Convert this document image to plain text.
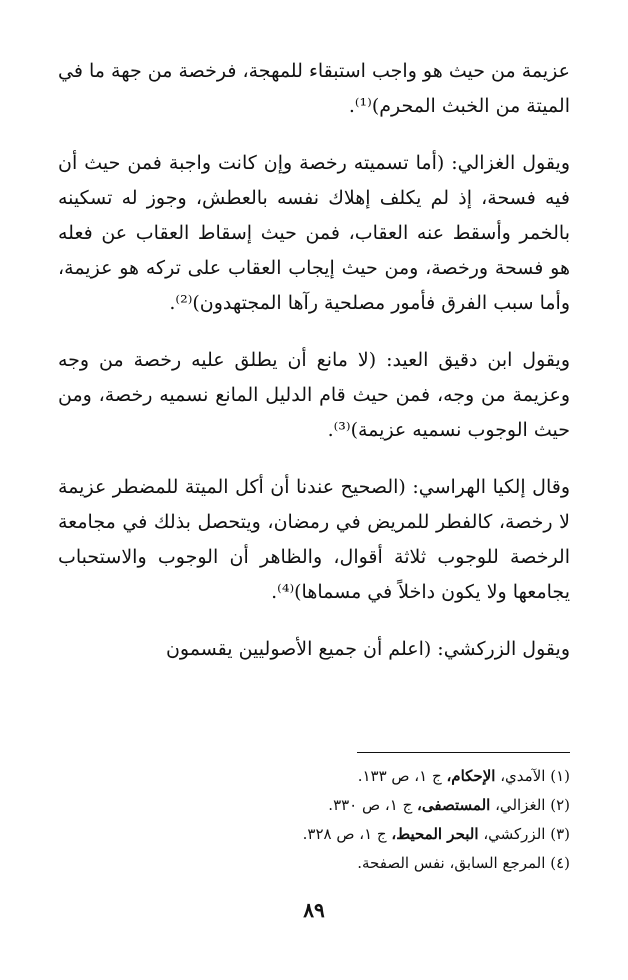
عزيمة من حيث هو واجب استبقاء للمهجة، فرخصة من جهة ما في الميتة من الخبث المحرم)⁽¹⁾.

ويقول الغزالي: (أما تسميته رخصة وإن كانت واجبة فمن حيث أن فيه فسحة، إذ لم يكلف إهلاك نفسه بالعطش، وجوز له تسكينه بالخمر وأسقط عنه العقاب، فمن حيث إسقاط العقاب عن فعله هو فسحة ورخصة، ومن حيث إيجاب العقاب على تركه هو عزيمة، وأما سبب الفرق فأمور مصلحية رآها المجتهدون)⁽²⁾.

ويقول ابن دقيق العيد: (لا مانع أن يطلق عليه رخصة من وجه وعزيمة من وجه، فمن حيث قام الدليل المانع نسميه رخصة، ومن حيث الوجوب نسميه عزيمة)⁽³⁾.

وقال إلكيا الهراسي: (الصحيح عندنا أن أكل الميتة للمضطر عزيمة لا رخصة، كالفطر للمريض في رمضان، ويتحصل بذلك في مجامعة الرخصة للوجوب ثلاثة أقوال، والظاهر أن الوجوب والاستحباب يجامعها ولا يكون داخلاً في مسماها)⁽⁴⁾.

ويقول الزركشي: (اعلم أن جميع الأصوليين يقسمون

(١) الآمدي، الإحكام، ج ١، ص ١٣٣.
(٢) الغزالي، المستصفى، ج ١، ص ٣٣٠.
(٣) الزركشي، البحر المحيط، ج ١، ص ٣٢٨.
(٤) المرجع السابق، نفس الصفحة.
٨٩
